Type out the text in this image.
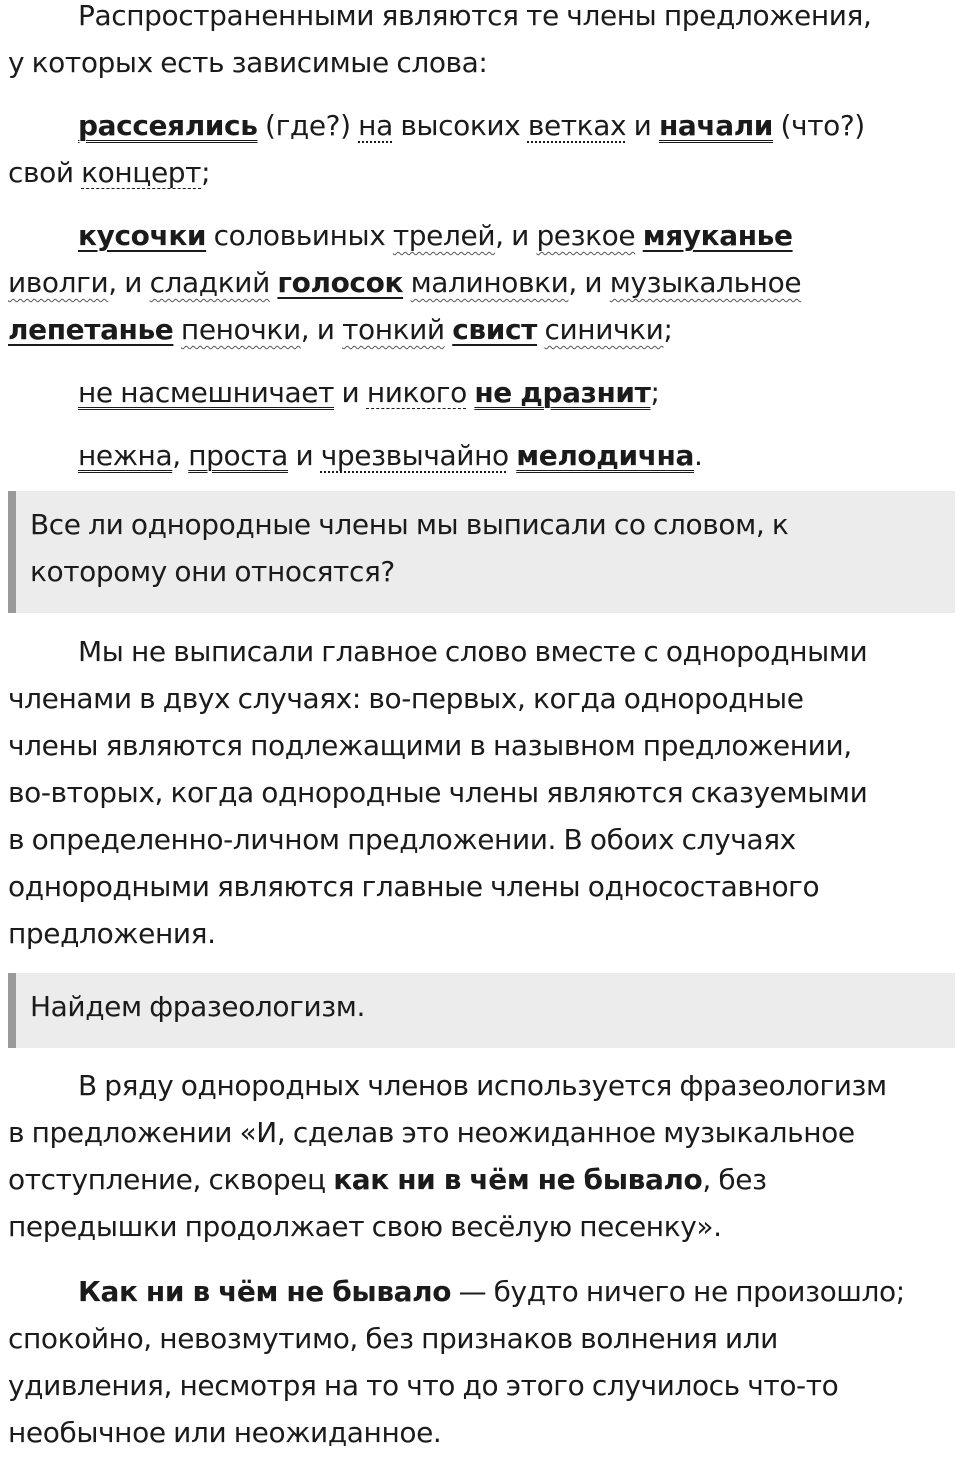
Распространенными являются те члены предложения,

у которых есть зависимые слова:

рассеялись (где?) на высоких ветках и начали (что?)

свой концерт;

кусочки соловьиных трелей, и резкое мяуканье

иволги, и сладкий голосок малиновки, и музыкальное

лепетанье пеночки, и тонкий свист синички;

не насмешничает и никого не дразнит;

нежна, проста и чрезвычайно мелодична.

Все ли однородные члены мы выписали со словом, к

которому они относятся?

Мы не выписали главное слово вместе с однородными

членами в двух случаях: во-первых, когда однородные

члены являются подлежащими в назывном предложении,

во-вторых, когда однородные члены являются сказуемыми

в определенно-личном предложении. В обоих случаях

однородными являются главные члены односоставного

предложения.

Найдем фразеологизм.

В ряду однородных членов используется фразеологизм

в предложении «И, сделав это неожиданное музыкальное

отступление, скворец как ни в чём не бывало, без

передышки продолжает свою весёлую песенку».

Как ни в чём не бывало — будто ничего не произошло;

спокойно, невозмутимо, без признаков волнения или

удивления, несмотря на то что до этого случилось что-то

необычное или неожиданное.
